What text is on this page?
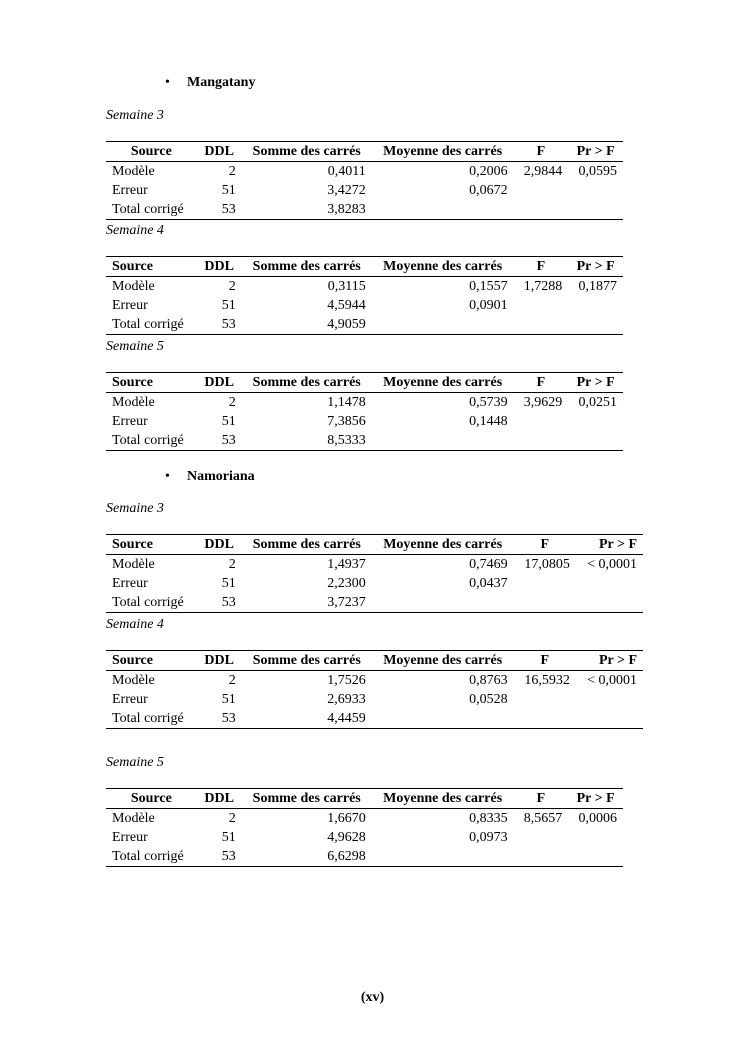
• Mangatany
Semaine 3
Source	DDL	Somme des carrés	Moyenne des carrés	F	Pr > F
Modèle	2	0,4011	0,2006	2,9844	0,0595
Erreur	51	3,4272	0,0672		
Total corrigé	53	3,8283			
Semaine 4
Source	DDL	Somme des carrés	Moyenne des carrés	F	Pr > F
Modèle	2	0,3115	0,1557	1,7288	0,1877
Erreur	51	4,5944	0,0901		
Total corrigé	53	4,9059			
Semaine 5
Source	DDL	Somme des carrés	Moyenne des carrés	F	Pr > F
Modèle	2	1,1478	0,5739	3,9629	0,0251
Erreur	51	7,3856	0,1448		
Total corrigé	53	8,5333			
• Namoriana
Semaine 3
Source	DDL	Somme des carrés	Moyenne des carrés	F	Pr > F
Modèle	2	1,4937	0,7469	17,0805	< 0,0001
Erreur	51	2,2300	0,0437		
Total corrigé	53	3,7237			
Semaine 4
Source	DDL	Somme des carrés	Moyenne des carrés	F	Pr > F
Modèle	2	1,7526	0,8763	16,5932	< 0,0001
Erreur	51	2,6933	0,0528		
Total corrigé	53	4,4459			
Semaine 5
Source	DDL	Somme des carrés	Moyenne des carrés	F	Pr > F
Modèle	2	1,6670	0,8335	8,5657	0,0006
Erreur	51	4,9628	0,0973		
Total corrigé	53	6,6298			
(xv)
